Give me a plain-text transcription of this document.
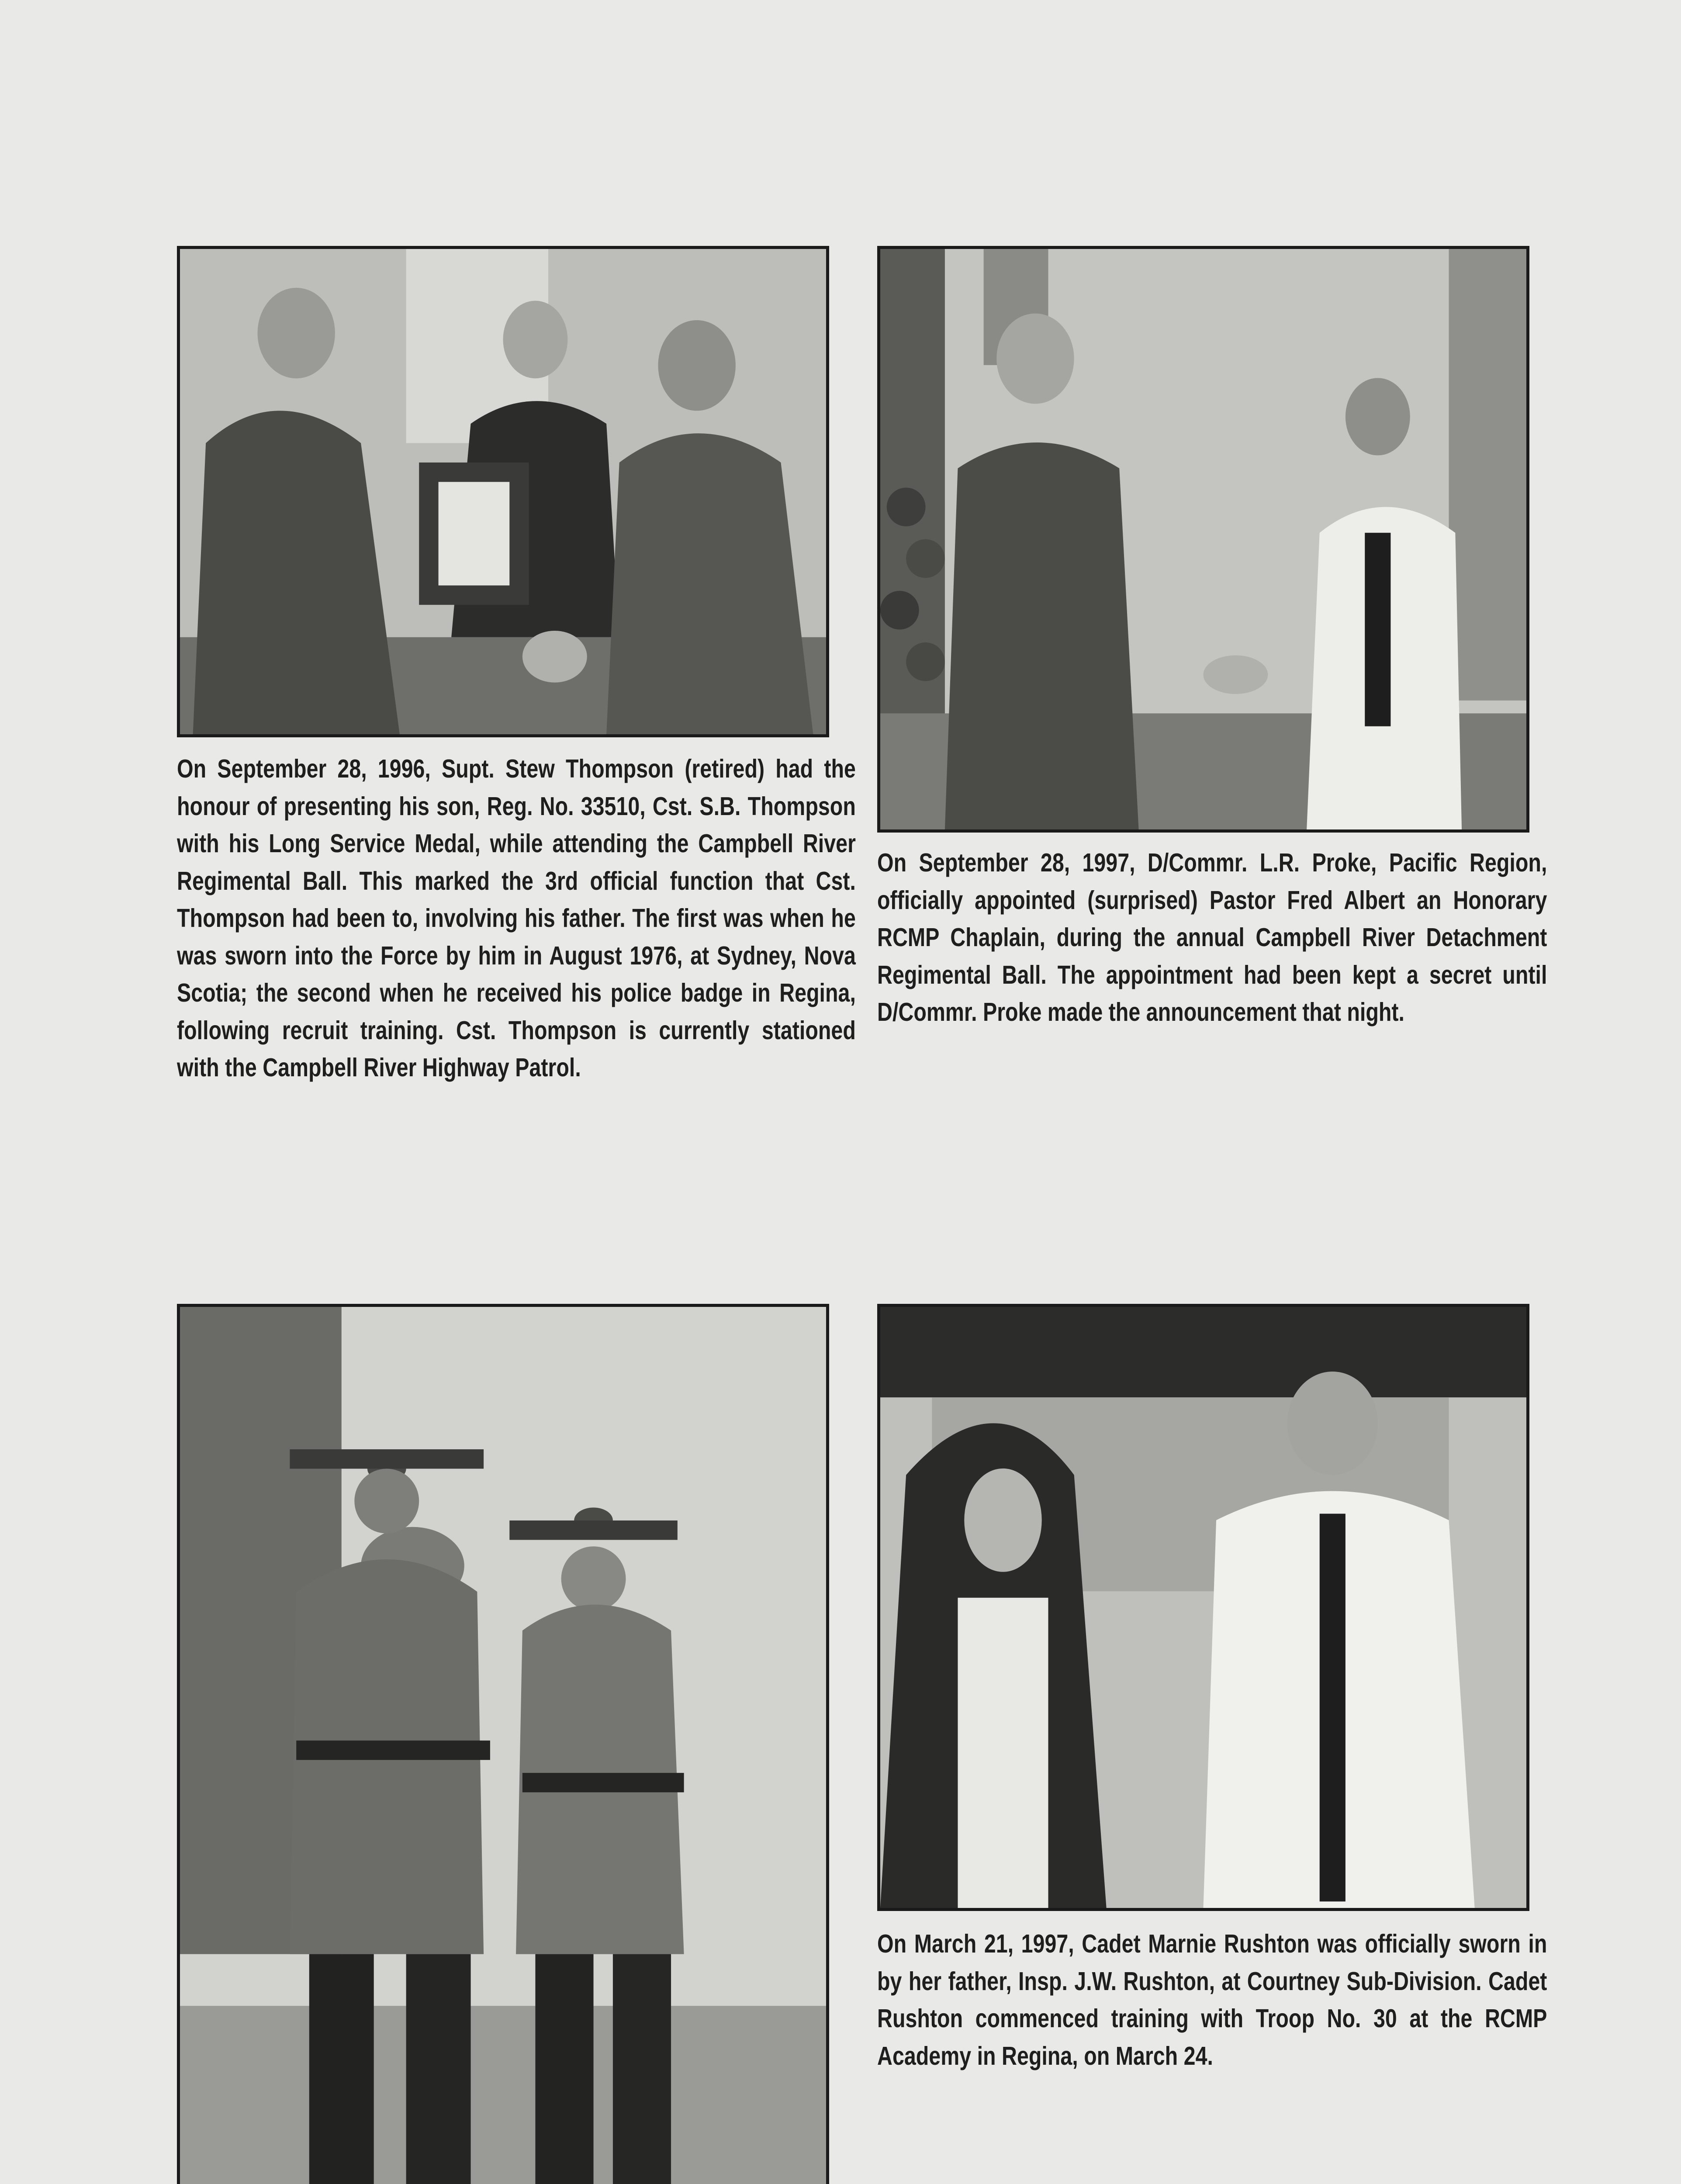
On September 28, 1996, Supt. Stew Thompson (retired) had the honour of presenting his son, Reg. No. 33510, Cst. S.B. Thompson with his Long Service Medal, while attending the Campbell River Regimental Ball. This marked the 3rd official function that Cst. Thompson had been to, involving his father. The first was when he was sworn into the Force by him in August 1976, at Sydney, Nova Scotia; the second when he received his police badge in Regina, following recruit training. Cst. Thompson is currently stationed with the Campbell River Highway Patrol.

On September 28, 1997, D/Commr. L.R. Proke, Pacific Region, officially appointed (surprised) Pastor Fred Albert an Honorary RCMP Chaplain, during the annual Campbell River Detachment Regimental Ball. The appointment had been kept a secret until D/Commr. Proke made the announcement that night.

On March 21, 1997, Cadet Marnie Rushton was officially sworn in by her father, Insp. J.W. Rushton, at Courtney Sub-Division. Cadet Rushton commenced training with Troop No. 30 at the RCMP Academy in Regina, on March 24.
